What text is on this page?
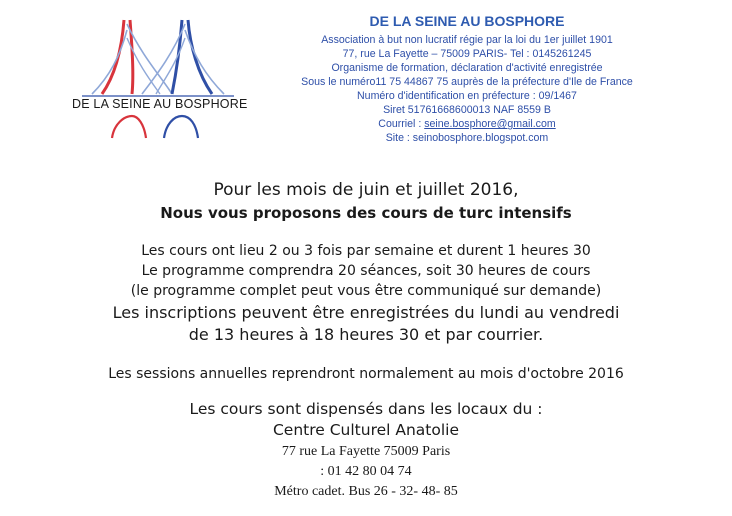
DE LA SEINE AU BOSPHORE
DE LA SEINE AU BOSPHORE
Association à but non lucratif régie par la loi du 1er juillet 1901
77, rue La Fayette – 75009 PARIS- Tel : 0145261245
Organisme de formation, déclaration d'activité enregistrée
Sous le numéro11 75 44867 75 auprès de la préfecture d'Ile de France
Numéro d'identification en préfecture : 09/1467
Siret 51761668600013 NAF 8559 B
Courriel : seine.bosphore@gmail.com
Site : seinobosphore.blogspot.com
Pour les mois de juin et juillet 2016,
Nous vous proposons des cours de turc intensifs
Les cours ont lieu 2 ou 3 fois par semaine et durent 1 heures 30
Le programme comprendra 20 séances, soit 30 heures de cours
(le programme complet peut vous être communiqué sur demande)
Les inscriptions peuvent être enregistrées du lundi au vendredi
de 13 heures à 18 heures 30 et par courrier.
Les sessions annuelles reprendront normalement au mois d'octobre 2016
Les cours sont dispensés dans les locaux du :
Centre Culturel Anatolie
77 rue La Fayette 75009 Paris
: 01 42 80 04 74
Métro cadet. Bus 26 - 32- 48- 85
